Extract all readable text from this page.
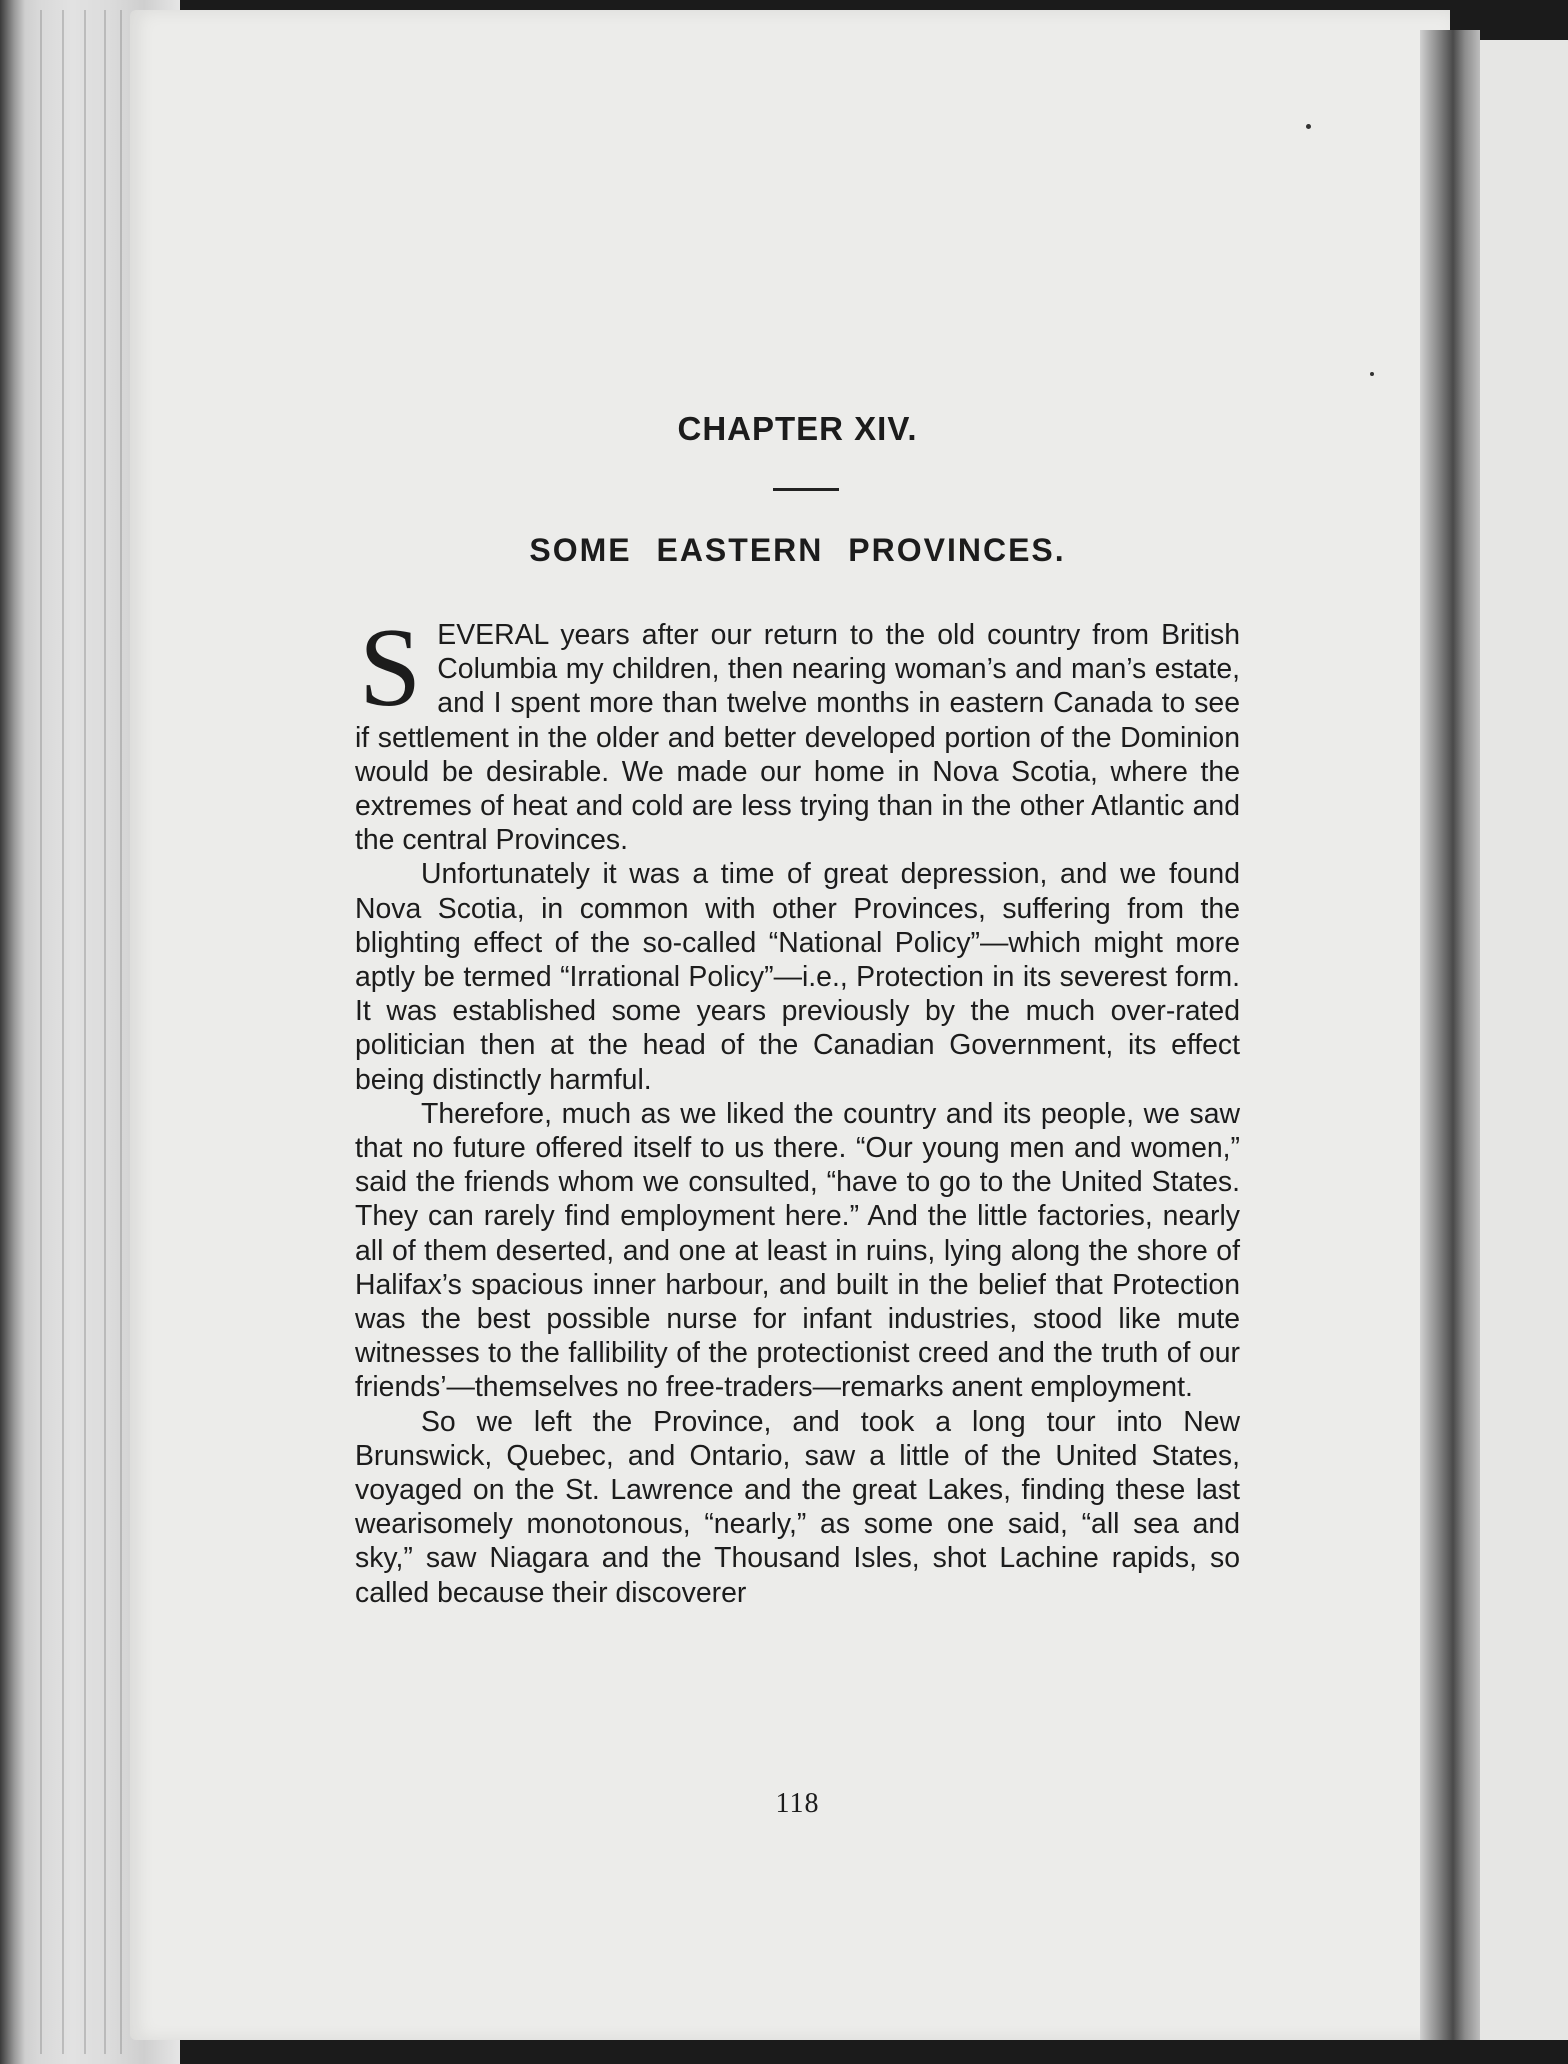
CHAPTER XIV.
SOME EASTERN PROVINCES.

SEVERAL years after our return to the old country from British Columbia my children, then nearing woman’s and man’s estate, and I spent more than twelve months in eastern Canada to see if settlement in the older and better developed portion of the Dominion would be desirable. We made our home in Nova Scotia, where the extremes of heat and cold are less trying than in the other Atlantic and the central Provinces.

Unfortunately it was a time of great depression, and we found Nova Scotia, in common with other Provinces, suffering from the blighting effect of the so-called “National Policy”—which might more aptly be termed “Irrational Policy”—i.e., Protection in its severest form. It was established some years previously by the much over-rated politician then at the head of the Canadian Government, its effect being distinctly harmful.

Therefore, much as we liked the country and its people, we saw that no future offered itself to us there. “Our young men and women,” said the friends whom we consulted, “have to go to the United States. They can rarely find employment here.” And the little factories, nearly all of them deserted, and one at least in ruins, lying along the shore of Halifax’s spacious inner harbour, and built in the belief that Protection was the best possible nurse for infant industries, stood like mute witnesses to the fallibility of the protectionist creed and the truth of our friends’—themselves no free-traders—remarks anent employment.

So we left the Province, and took a long tour into New Brunswick, Quebec, and Ontario, saw a little of the United States, voyaged on the St. Lawrence and the great Lakes, finding these last wearisomely monotonous, “nearly,” as some one said, “all sea and sky,” saw Niagara and the Thousand Isles, shot Lachine rapids, so called because their discoverer

118
